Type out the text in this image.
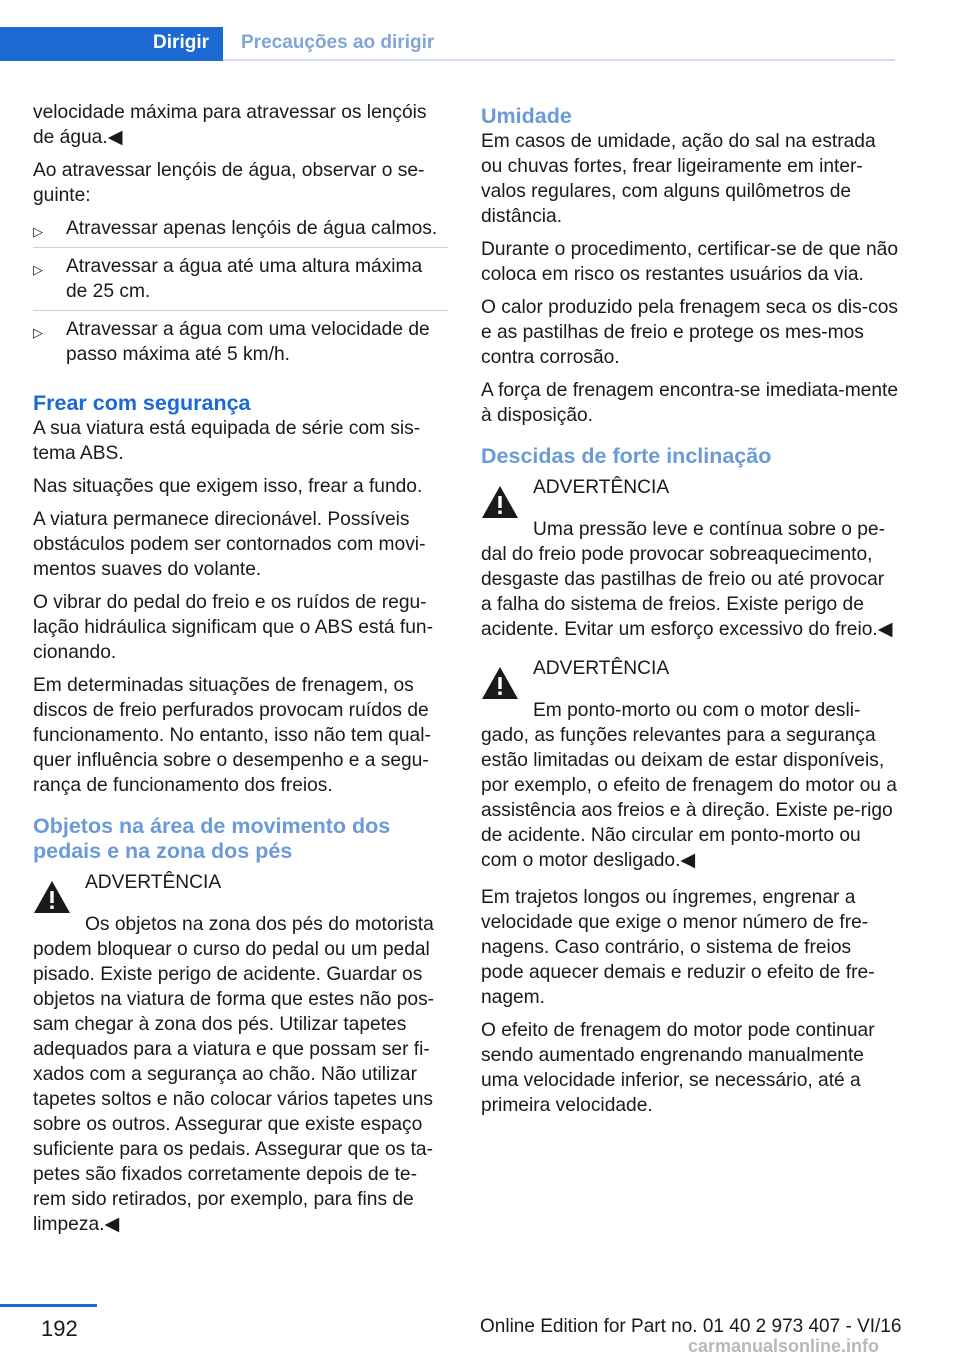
Dirigir	Precauções ao dirigir

velocidade máxima para atravessar os lençóis de água.◀

Ao atravessar lençóis de água, observar o se-guinte:

▷ Atravessar apenas lençóis de água calmos.
▷ Atravessar a água até uma altura máxima de 25 cm.
▷ Atravessar a água com uma velocidade de passo máxima até 5 km/h.
Frear com segurança

A sua viatura está equipada de série com sis-tema ABS.

Nas situações que exigem isso, frear a fundo.

A viatura permanece direcionável. Possíveis obstáculos podem ser contornados com movi-mentos suaves do volante.

O vibrar do pedal do freio e os ruídos de regu-lação hidráulica significam que o ABS está fun-cionando.

Em determinadas situações de frenagem, os discos de freio perfurados provocam ruídos de funcionamento. No entanto, isso não tem qual-quer influência sobre o desempenho e a segu-rança de funcionamento dos freios.

Objetos na área de movimento dos pedais e na zona dos pés
ADVERTÊNCIA
Os objetos na zona dos pés do motorista podem bloquear o curso do pedal ou um pedal pisado. Existe perigo de acidente. Guardar os objetos na viatura de forma que estes não pos-sam chegar à zona dos pés. Utilizar tapetes adequados para a viatura e que possam ser fi-xados com a segurança ao chão. Não utilizar tapetes soltos e não colocar vários tapetes uns sobre os outros. Assegurar que existe espaço suficiente para os pedais. Assegurar que os ta-petes são fixados corretamente depois de te-rem sido retirados, por exemplo, para fins de limpeza.◀
Umidade

Em casos de umidade, ação do sal na estrada ou chuvas fortes, frear ligeiramente em inter-valos regulares, com alguns quilômetros de distância.

Durante o procedimento, certificar-se de que não coloca em risco os restantes usuários da via.

O calor produzido pela frenagem seca os dis-cos e as pastilhas de freio e protege os mes-mos contra corrosão.

A força de frenagem encontra-se imediata-mente à disposição.

Descidas de forte inclinação
ADVERTÊNCIA
Uma pressão leve e contínua sobre o pe-dal do freio pode provocar sobreaquecimento, desgaste das pastilhas de freio ou até provocar a falha do sistema de freios. Existe perigo de acidente. Evitar um esforço excessivo do freio.◀
ADVERTÊNCIA
Em ponto-morto ou com o motor desli-gado, as funções relevantes para a segurança estão limitadas ou deixam de estar disponíveis, por exemplo, o efeito de frenagem do motor ou a assistência aos freios e à direção. Existe pe-rigo de acidente. Não circular em ponto-morto ou com o motor desligado.◀

Em trajetos longos ou íngremes, engrenar a velocidade que exige o menor número de fre-nagens. Caso contrário, o sistema de freios pode aquecer demais e reduzir o efeito de fre-nagem.

O efeito de frenagem do motor pode continuar sendo aumentado engrenando manualmente uma velocidade inferior, se necessário, até a primeira velocidade.

192	Online Edition for Part no. 01 40 2 973 407 - VI/16
carmanualsonline.info
